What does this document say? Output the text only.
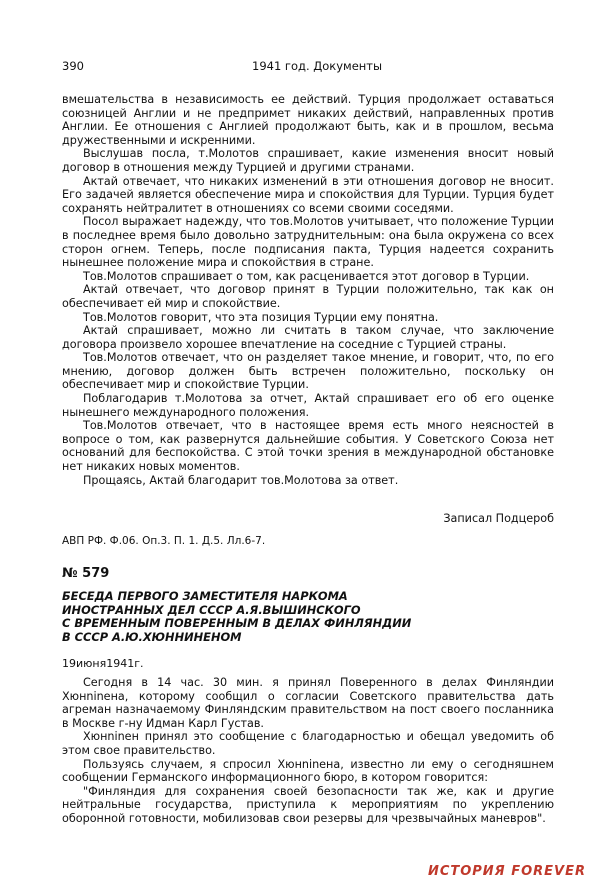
390	1941 год. Документы

вмешательства в независимость ее действий. Турция продолжает оставаться союзницей Англии и не предпримет никаких действий, направленных против Англии. Ее отношения с Англией продолжают быть, как и в прошлом, весьма дружественными и искренними.

Выслушав посла, т.Молотов спрашивает, какие изменения вносит новый договор в отношения между Турцией и другими странами.

Актай отвечает, что никаких изменений в эти отношения договор не вносит. Его задачей является обеспечение мира и спокойствия для Турции. Турция будет сохранять нейтралитет в отношениях со всеми своими соседями.

Посол выражает надежду, что тов.Молотов учитывает, что положение Турции в последнее время было довольно затруднительным: она была окружена со всех сторон огнем. Теперь, после подписания пакта, Турция надеется сохранить нынешнее положение мира и спокойствия в стране.

Тов.Молотов спрашивает о том, как расценивается этот договор в Турции.

Актай отвечает, что договор принят в Турции положительно, так как он обеспечивает ей мир и спокойствие.

Тов.Молотов говорит, что эта позиция Турции ему понятна.

Актай спрашивает, можно ли считать в таком случае, что заключение договора произвело хорошее впечатление на соседние с Турцией страны.

Тов.Молотов отвечает, что он разделяет такое мнение, и говорит, что, по его мнению, договор должен быть встречен положительно, поскольку он обеспечивает мир и спокойствие Турции.

Поблагодарив т.Молотова за отчет, Актай спрашивает его об его оценке нынешнего международного положения.

Тов.Молотов отвечает, что в настоящее время есть много неясностей в вопросе о том, как развернутся дальнейшие события. У Советского Союза нет оснований для беспокойства. С этой точки зрения в международной обстановке нет никаких новых моментов.

Прощаясь, Актай благодарит тов.Молотова за ответ.

Записал Подцероб
АВП РФ. Ф.06. Оп.3. П. 1. Д.5. Лл.6-7.
№ 579
БЕСЕДА ПЕРВОГО ЗАМЕСТИТЕЛЯ НАРКОМА
ИНОСТРАННЫХ ДЕЛ СССР А.Я.ВЫШИНСКОГО
С ВРЕМЕННЫМ ПОВЕРЕННЫМ В ДЕЛАХ ФИНЛЯНДИИ
В СССР А.Ю.ХЮННИНЕНОМ
19июня1941г.

Сегодня в 14 час. 30 мин. я принял Поверенного в делах Финляндии Хюнninена, которому сообщил о согласии Советского правительства дать агреман назначаемому Финляндским правительством на пост своего посланника в Москве г-ну Идман Карл Густав.

Хюнninен принял это сообщение с благодарностью и обещал уведомить об этом свое правительство.

Пользуясь случаем, я спросил Хюнninена, известно ли ему о сегодняшнем сообщении Германского информационного бюро, в котором говорится:

"Финляндия для сохранения своей безопасности так же, как и другие нейтральные государства, приступила к мероприятиям по укреплению оборонной готовности, мобилизовав свои резервы для чрезвычайных маневров".

ИСТОРИЯ FOREVER
